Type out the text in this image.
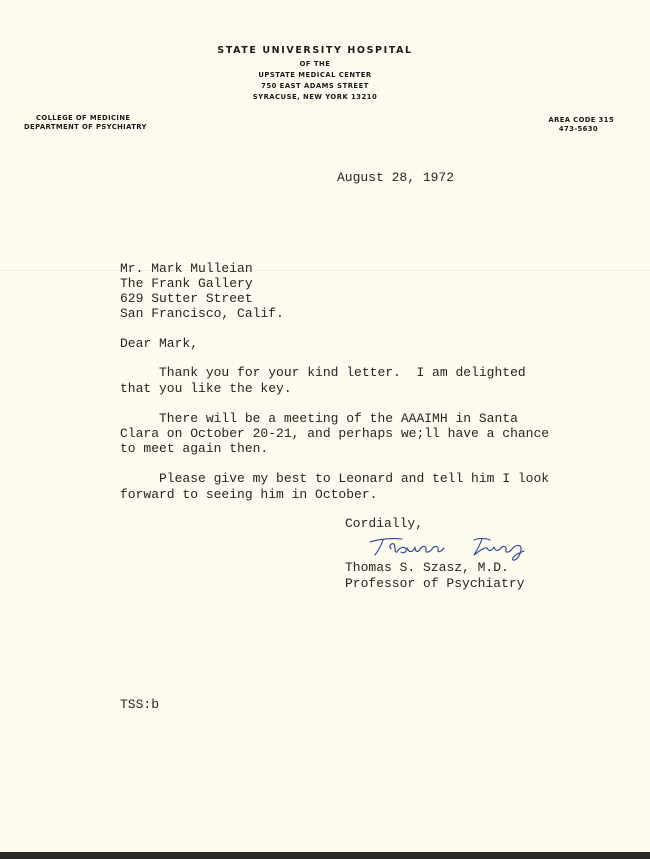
STATE UNIVERSITY HOSPITAL
OF THE
UPSTATE MEDICAL CENTER
750 EAST ADAMS STREET
SYRACUSE, NEW YORK 13210
COLLEGE OF MEDICINE
DEPARTMENT OF PSYCHIATRY
AREA CODE 315
473-5630
August 28, 1972
Mr. Mark Mulleian
The Frank Gallery
629 Sutter Street
San Francisco, Calif.
Dear Mark,
Thank you for your kind letter.  I am delighted
that you like the key.
There will be a meeting of the AAAIMH in Santa
Clara on October 20-21, and perhaps we;ll have a chance
to meet again then.
Please give my best to Leonard and tell him I look
forward to seeing him in October.
Cordially,
Thomas S. Szasz, M.D.
Professor of Psychiatry
TSS:b
